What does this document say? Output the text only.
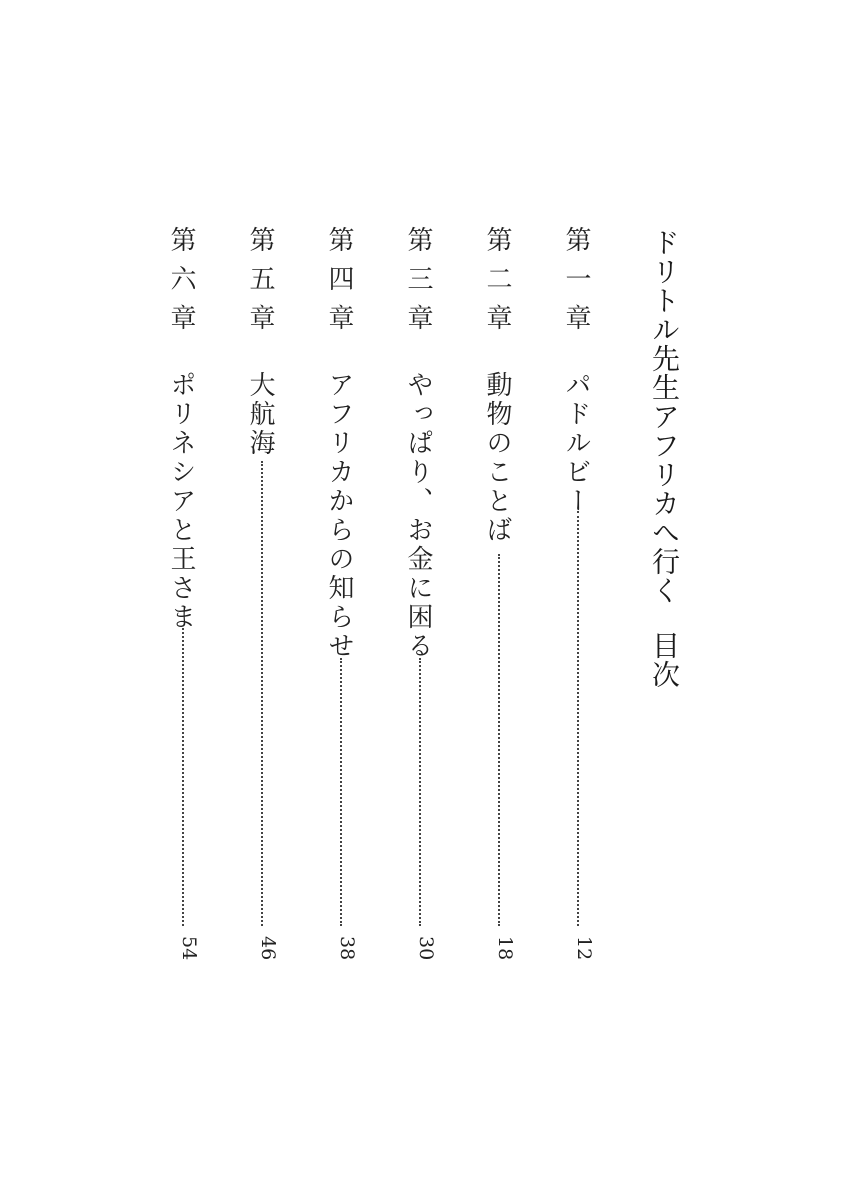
ドリトル先生アフリカへ行く目次
第一章
パドルビー
12
第二章
動物のことば
18
第三章
やっぱり、お金に困る
30
第四章
アフリカからの知らせ
38
第五章
大航海
46
第六章
ポリネシアと王さま
54
